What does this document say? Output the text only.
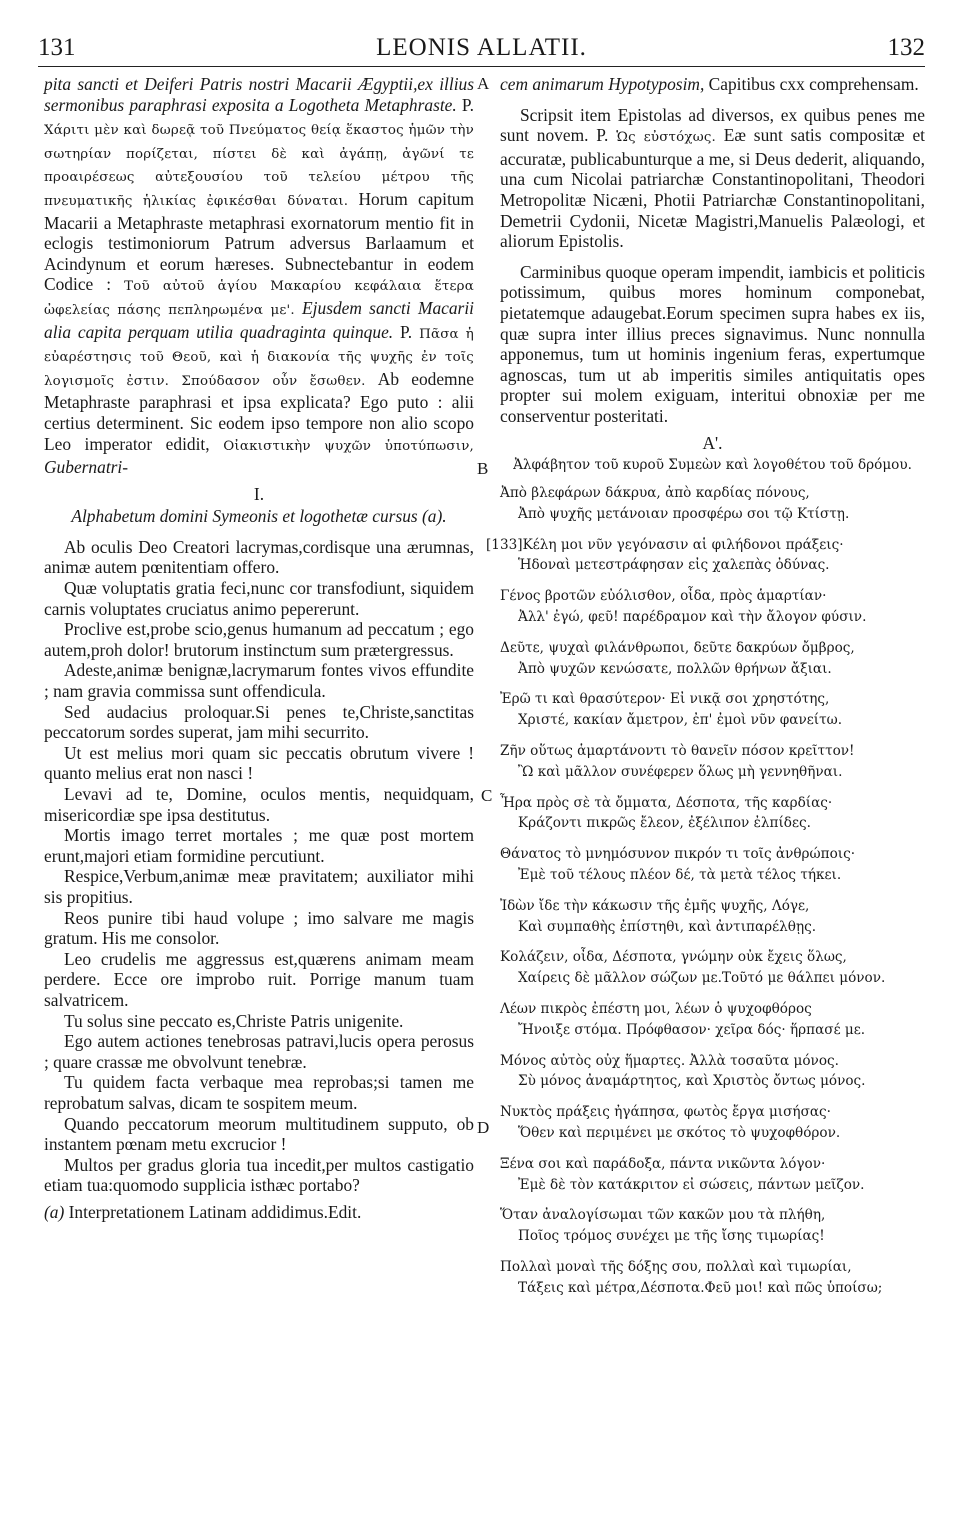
131	LEONIS ALLATII.	132
A
B
C
D

pita sancti et Deiferi Patris nostri Macarii Ægyptii,ex illius sermonibus paraphrasi exposita a Logotheta Metaphraste. P. Χάριτι μὲν καὶ δωρεᾷ τοῦ Πνεύματος θείᾳ ἕκαστος ἡμῶν τὴν σωτηρίαν πορίζεται, πίστει δὲ καὶ ἀγάπῃ, ἀγῶνί τε προαιρέσεως αὐτεξουσίου τοῦ τελείου μέτρου τῆς πνευματικῆς ἡλικίας ἐφικέσθαι δύναται. Horum capitum Macarii a Metaphraste metaphrasi exornatorum mentio fit in eclogis testimoniorum Patrum adversus Barlaamum et Acindynum et eorum hæreses. Subnectebantur in eodem Codice : Τοῦ αὐτοῦ ἁγίου Μακαρίου κεφάλαια ἕτερα ὠφελείας πάσης πεπληρωμένα με'. Ejusdem sancti Macarii alia capita perquam utilia quadraginta quinque. P. Πᾶσα ἡ εὐαρέστησις τοῦ Θεοῦ, καὶ ἡ διακονία τῆς ψυχῆς ἐν τοῖς λογισμοῖς ἐστιν. Σπούδασον οὖν ἔσωθεν. Ab eodemne Metaphraste paraphrasi et ipsa explicata? Ego puto : alii certius determinent. Sic eodem ipso tempore non alio scopo Leo imperator edidit, Οἰακιστικὴν ψυχῶν ὑποτύπωσιν, Gubernatri-

I.
Alphabetum domini Symeonis et logothetæ cursus (a).

Ab oculis Deo Creatori lacrymas,cordisque una ærumnas, animæ autem pœnitentiam offero.

Quæ voluptatis gratia feci,nunc cor transfodiunt, siquidem carnis voluptates cruciatus animo pepererunt.

Proclive est,probe scio,genus humanum ad peccatum ; ego autem,proh dolor! brutorum instinctum sum prætergressus.

Adeste,animæ benignæ,lacrymarum fontes vivos effundite ; nam gravia commissa sunt offendicula.

Sed audacius proloquar.Si penes te,Christe,sanctitas peccatorum sordes superat, jam mihi securrito.

Ut est melius mori quam sic peccatis obrutum vivere ! quanto melius erat non nasci !

Levavi ad te, Domine, oculos mentis, nequidquam, misericordiæ spe ipsa destitutus.

Mortis imago terret mortales ; me quæ post mortem erunt,majori etiam formidine percutiunt.

Respice,Verbum,animæ meæ pravitatem; auxiliator mihi sis propitius.

Reos punire tibi haud volupe ; imo salvare me magis gratum. His me consolor.

Leo crudelis me aggressus est,quærens animam meam perdere. Ecce ore improbo ruit. Porrige manum tuam salvatricem.

Tu solus sine peccato es,Christe Patris unigenite.

Ego autem actiones tenebrosas patravi,lucis opera perosus ; quare crassæ me obvolvunt tenebræ.

Tu quidem facta verbaque mea reprobas;si tamen me reprobatum salvas, dicam te sospitem meum.

Quando peccatorum meorum multitudinem supputo, ob instantem pœnam metu excrucior !

Multos per gradus gloria tua incedit,per multos castigatio etiam tua:quomodo supplicia isthæc portabo?

(a) Interpretationem Latinam addidimus.Edit.

cem animarum Hypotyposim, Capitibus cxx comprehensam.

Scripsit item Epistolas ad diversos, ex quibus penes me sunt novem. P. Ὡς εὐστόχως. Eæ sunt satis compositæ et accuratæ, publicabunturque a me, si Deus dederit, aliquando, una cum Nicolai patriarchæ Constantinopolitani, Theodori Metropolitæ Nicæni, Photii Patriarchæ Constantinopolitani, Demetrii Cydonii, Nicetæ Magistri,Manuelis Palæologi, et aliorum Epistolis.

Carminibus quoque operam impendit, iambicis et politicis potissimum, quibus mores hominum componebat, pietatemque adaugebat.Eorum specimen supra habes ex iis, quæ supra inter illius preces signavimus. Nunc nonnulla apponemus, tum ut hominis ingenium feras, expertumque agnoscas, tum ut ab imperitis similes antiquitatis opes propter sui molem exiguam, interitui obnoxiæ per me conserventur posteritati.

A'.
Ἀλφάβητον τοῦ κυροῦ Συμεὼν καὶ λογοθέτου τοῦ δρόμου.
Ἀπὸ βλεφάρων δάκρυα, ἀπὸ καρδίας πόνους,
Ἀπὸ ψυχῆς μετάνοιαν προσφέρω σοι τῷ Κτίστῃ.
[133]Κέλη μοι νῦν γεγόνασιν αἱ φιλήδονοι πράξεις·
Ἡδοναὶ μετεστράφησαν εἰς χαλεπὰς ὀδύνας.
Γένος βροτῶν εὐόλισθον, οἶδα, πρὸς ἁμαρτίαν·
Ἀλλ' ἐγώ, φεῦ! παρέδραμον καὶ τὴν ἄλογον φύσιν.
Δεῦτε, ψυχαὶ φιλάνθρωποι, δεῦτε δακρύων ὄμβρος,
Ἀπὸ ψυχῶν κενώσατε, πολλῶν θρήνων ἄξιαι.
Ἐρῶ τι καὶ θρασύτερον· Εἰ νικᾷ σοι χρηστότης,
Χριστέ, κακίαν ἄμετρον, ἐπ' ἐμοὶ νῦν φανείτω.
Ζῆν οὕτως ἁμαρτάνοντι τὸ θανεῖν πόσον κρεῖττον!
Ὢ καὶ μᾶλλον συνέφερεν ὅλως μὴ γεννηθῆναι.
Ἦρα πρὸς σὲ τὰ ὄμματα, Δέσποτα, τῆς καρδίας·
Κράζοντι πικρῶς ἔλεον, ἐξέλιπον ἐλπίδες.
Θάνατος τὸ μνημόσυνον πικρόν τι τοῖς ἀνθρώποις·
Ἐμὲ τοῦ τέλους πλέον δέ, τὰ μετὰ τέλος τήκει.
Ἰδὼν ἴδε τὴν κάκωσιν τῆς ἐμῆς ψυχῆς, Λόγε,
Καὶ συμπαθὴς ἐπίστηθι, καὶ ἀντιπαρέλθῃς.
Κολάζειν, οἶδα, Δέσποτα, γνώμην οὐκ ἔχεις ὅλως,
Χαίρεις δὲ μᾶλλον σώζων με.Τοῦτό με θάλπει μόνον.
Λέων πικρὸς ἐπέστη μοι, λέων ὁ ψυχοφθόρος
Ἤνοιξε στόμα. Πρόφθασον· χεῖρα δός· ἥρπασέ με.
Μόνος αὐτὸς οὐχ ἥμαρτες. Ἀλλὰ τοσαῦτα μόνος.
Σὺ μόνος ἀναμάρτητος, καὶ Χριστὸς ὄντως μόνος.
Νυκτὸς πράξεις ἠγάπησα, φωτὸς ἔργα μισήσας·
Ὅθεν καὶ περιμένει με σκότος τὸ ψυχοφθόρον.
Ξένα σοι καὶ παράδοξα, πάντα νικῶντα λόγον·
Ἐμὲ δὲ τὸν κατάκριτον εἰ σώσεις, πάντων μεῖζον.
Ὅταν ἀναλογίσωμαι τῶν κακῶν μου τὰ πλήθη,
Ποῖος τρόμος συνέχει με τῆς ἴσης τιμωρίας!
Πολλαὶ μοναὶ τῆς δόξης σου, πολλαὶ καὶ τιμωρίαι,
Τάξεις καὶ μέτρα,Δέσποτα.Φεῦ μοι! καὶ πῶς ὑποίσω;
